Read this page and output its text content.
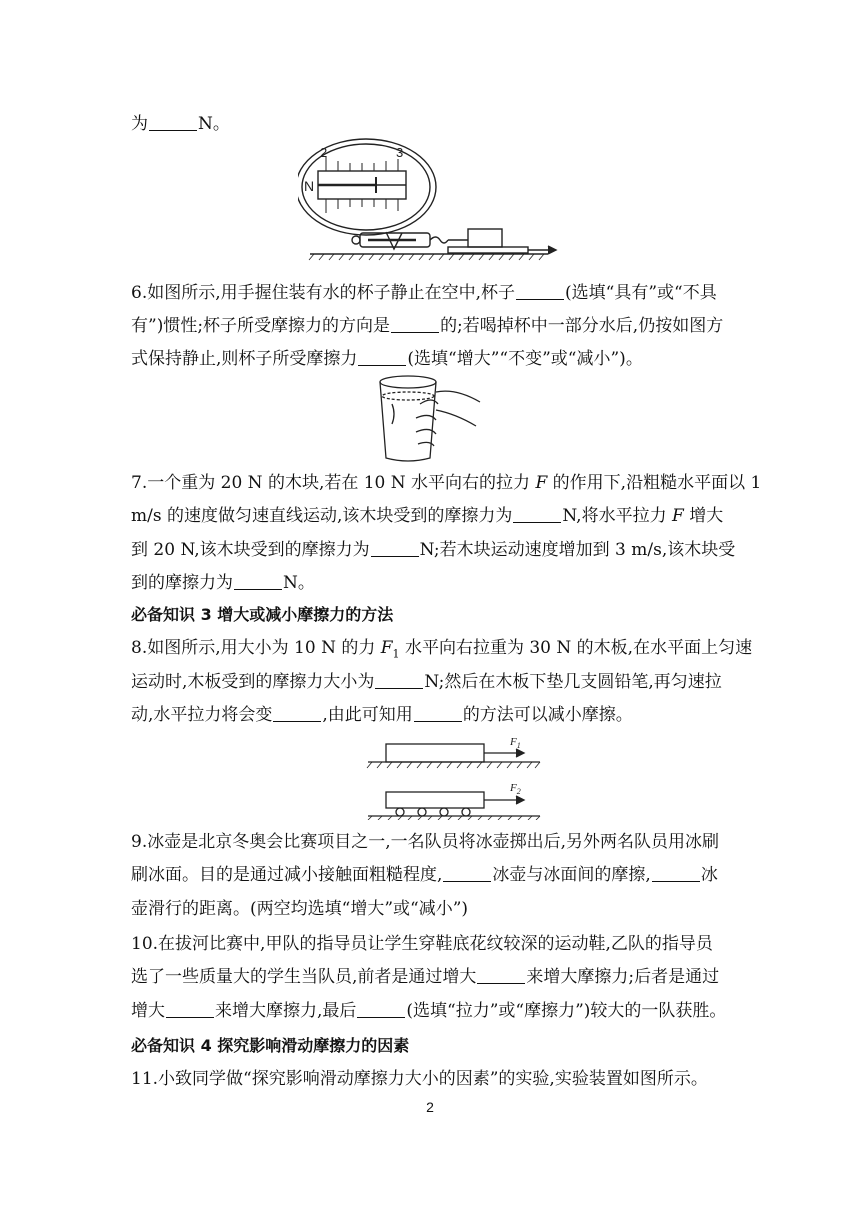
为	N。
2	3
N
6.如图所示,用手握住装有水的杯子静止在空中,杯子	(选填“具有”或“不具
有”)惯性;杯子所受摩擦力的方向是	的;若喝掉杯中一部分水后,仍按如图方
式保持静止,则杯子所受摩擦力	(选填“增大”“不变”或“减小”)。
7.一个重为 20 N 的木块,若在 10 N 水平向右的拉力 F 的作用下,沿粗糙水平面以 1
m/s 的速度做匀速直线运动,该木块受到的摩擦力为	N,将水平拉力 F 增大
到 20 N,该木块受到的摩擦力为	N;若木块运动速度增加到 3 m/s,该木块受
到的摩擦力为	N。
必备知识 3 增大或减小摩擦力的方法
8.如图所示,用大小为 10 N 的力 $F_1$ 水平向右拉重为 30 N 的木板,在水平面上匀速
运动时,木板受到的摩擦力大小为	N;然后在木板下垫几支圆铅笔,再匀速拉
动,水平拉力将会变	,由此可知用	的方法可以减小摩擦。
$F_1$
$F_2$
9.冰壶是北京冬奥会比赛项目之一,一名队员将冰壶掷出后,另外两名队员用冰刷
刷冰面。目的是通过减小接触面粗糙程度,	冰壶与冰面间的摩擦,	冰
壶滑行的距离。(两空均选填“增大”或“减小”)
10.在拔河比赛中,甲队的指导员让学生穿鞋底花纹较深的运动鞋,乙队的指导员
选了一些质量大的学生当队员,前者是通过增大	来增大摩擦力;后者是通过
增大	来增大摩擦力,最后	(选填“拉力”或“摩擦力”)较大的一队获胜。
必备知识 4 探究影响滑动摩擦力的因素
11.小致同学做“探究影响滑动摩擦力大小的因素”的实验,实验装置如图所示。
2
